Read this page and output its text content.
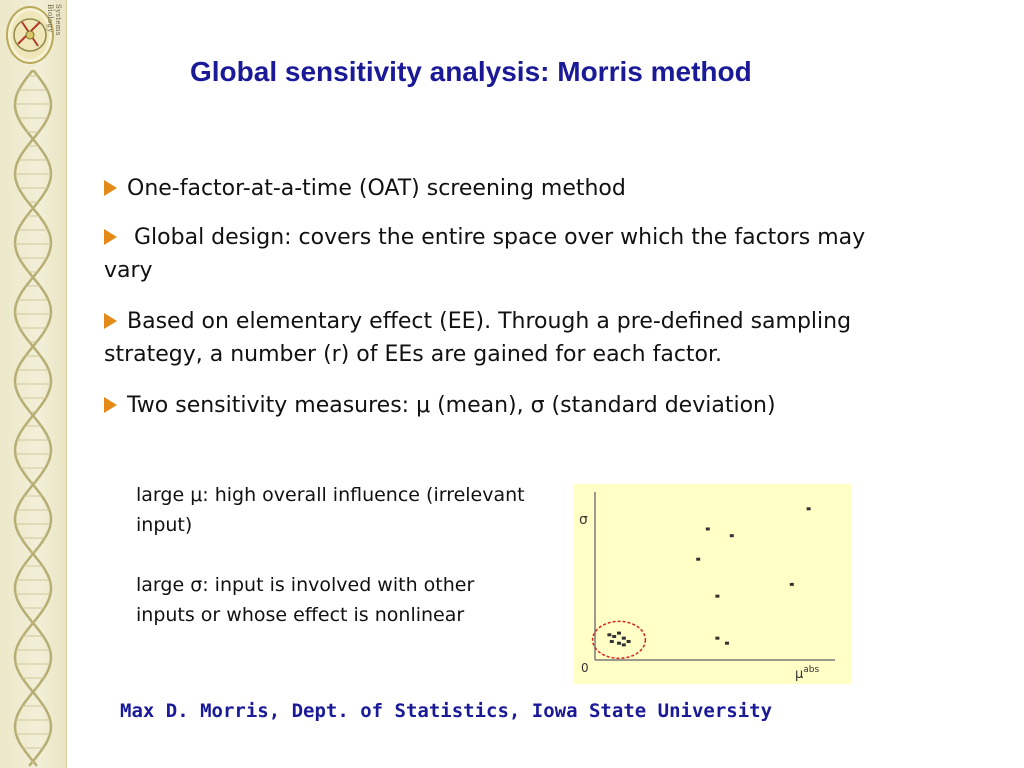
Systems Biology
Global sensitivity analysis: Morris method
One-factor-at-a-time (OAT) screening method
Global design: covers the entire space over which the factors may vary
Based on elementary effect (EE). Through a pre-defined sampling strategy, a number (r) of EEs are gained for each factor.
Two sensitivity measures: μ (mean), σ (standard deviation)
large μ: high overall influence (irrelevant input)
large σ: input is involved with other inputs or whose effect is nonlinear
σ
0	$\mu^{abs}$
Max D. Morris, Dept. of Statistics, Iowa State University
